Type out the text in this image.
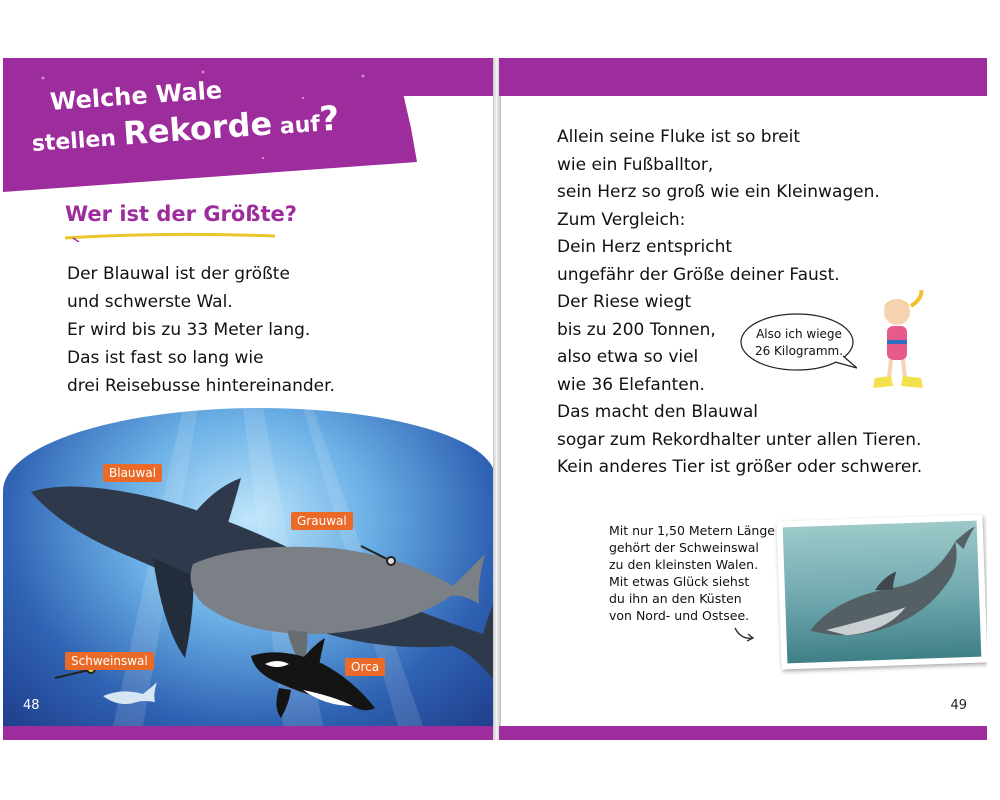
Welche Wale
stellen Rekorde auf?
Wer ist der Größte?
Der Blauwal ist der größte
und schwerste Wal.
Er wird bis zu 33 Meter lang.
Das ist fast so lang wie
drei Reisebusse hintereinander.
Blauwal
Grauwal
Schweinswal	Orca
48
Allein seine Fluke ist so breit
wie ein Fußballtor,
sein Herz so groß wie ein Kleinwagen.
Zum Vergleich:
Dein Herz entspricht
ungefähr der Größe deiner Faust.
Der Riese wiegt
bis zu 200 Tonnen,
also etwa so viel
wie 36 Elefanten.
Das macht den Blauwal
sogar zum Rekordhalter unter allen Tieren.
Kein anderes Tier ist größer oder schwerer.
Also ich wiege
26 Kilogramm.
Mit nur 1,50 Metern Länge
gehört der Schweinswal
zu den kleinsten Walen.
Mit etwas Glück siehst
du ihn an den Küsten
von Nord- und Ostsee.
49
